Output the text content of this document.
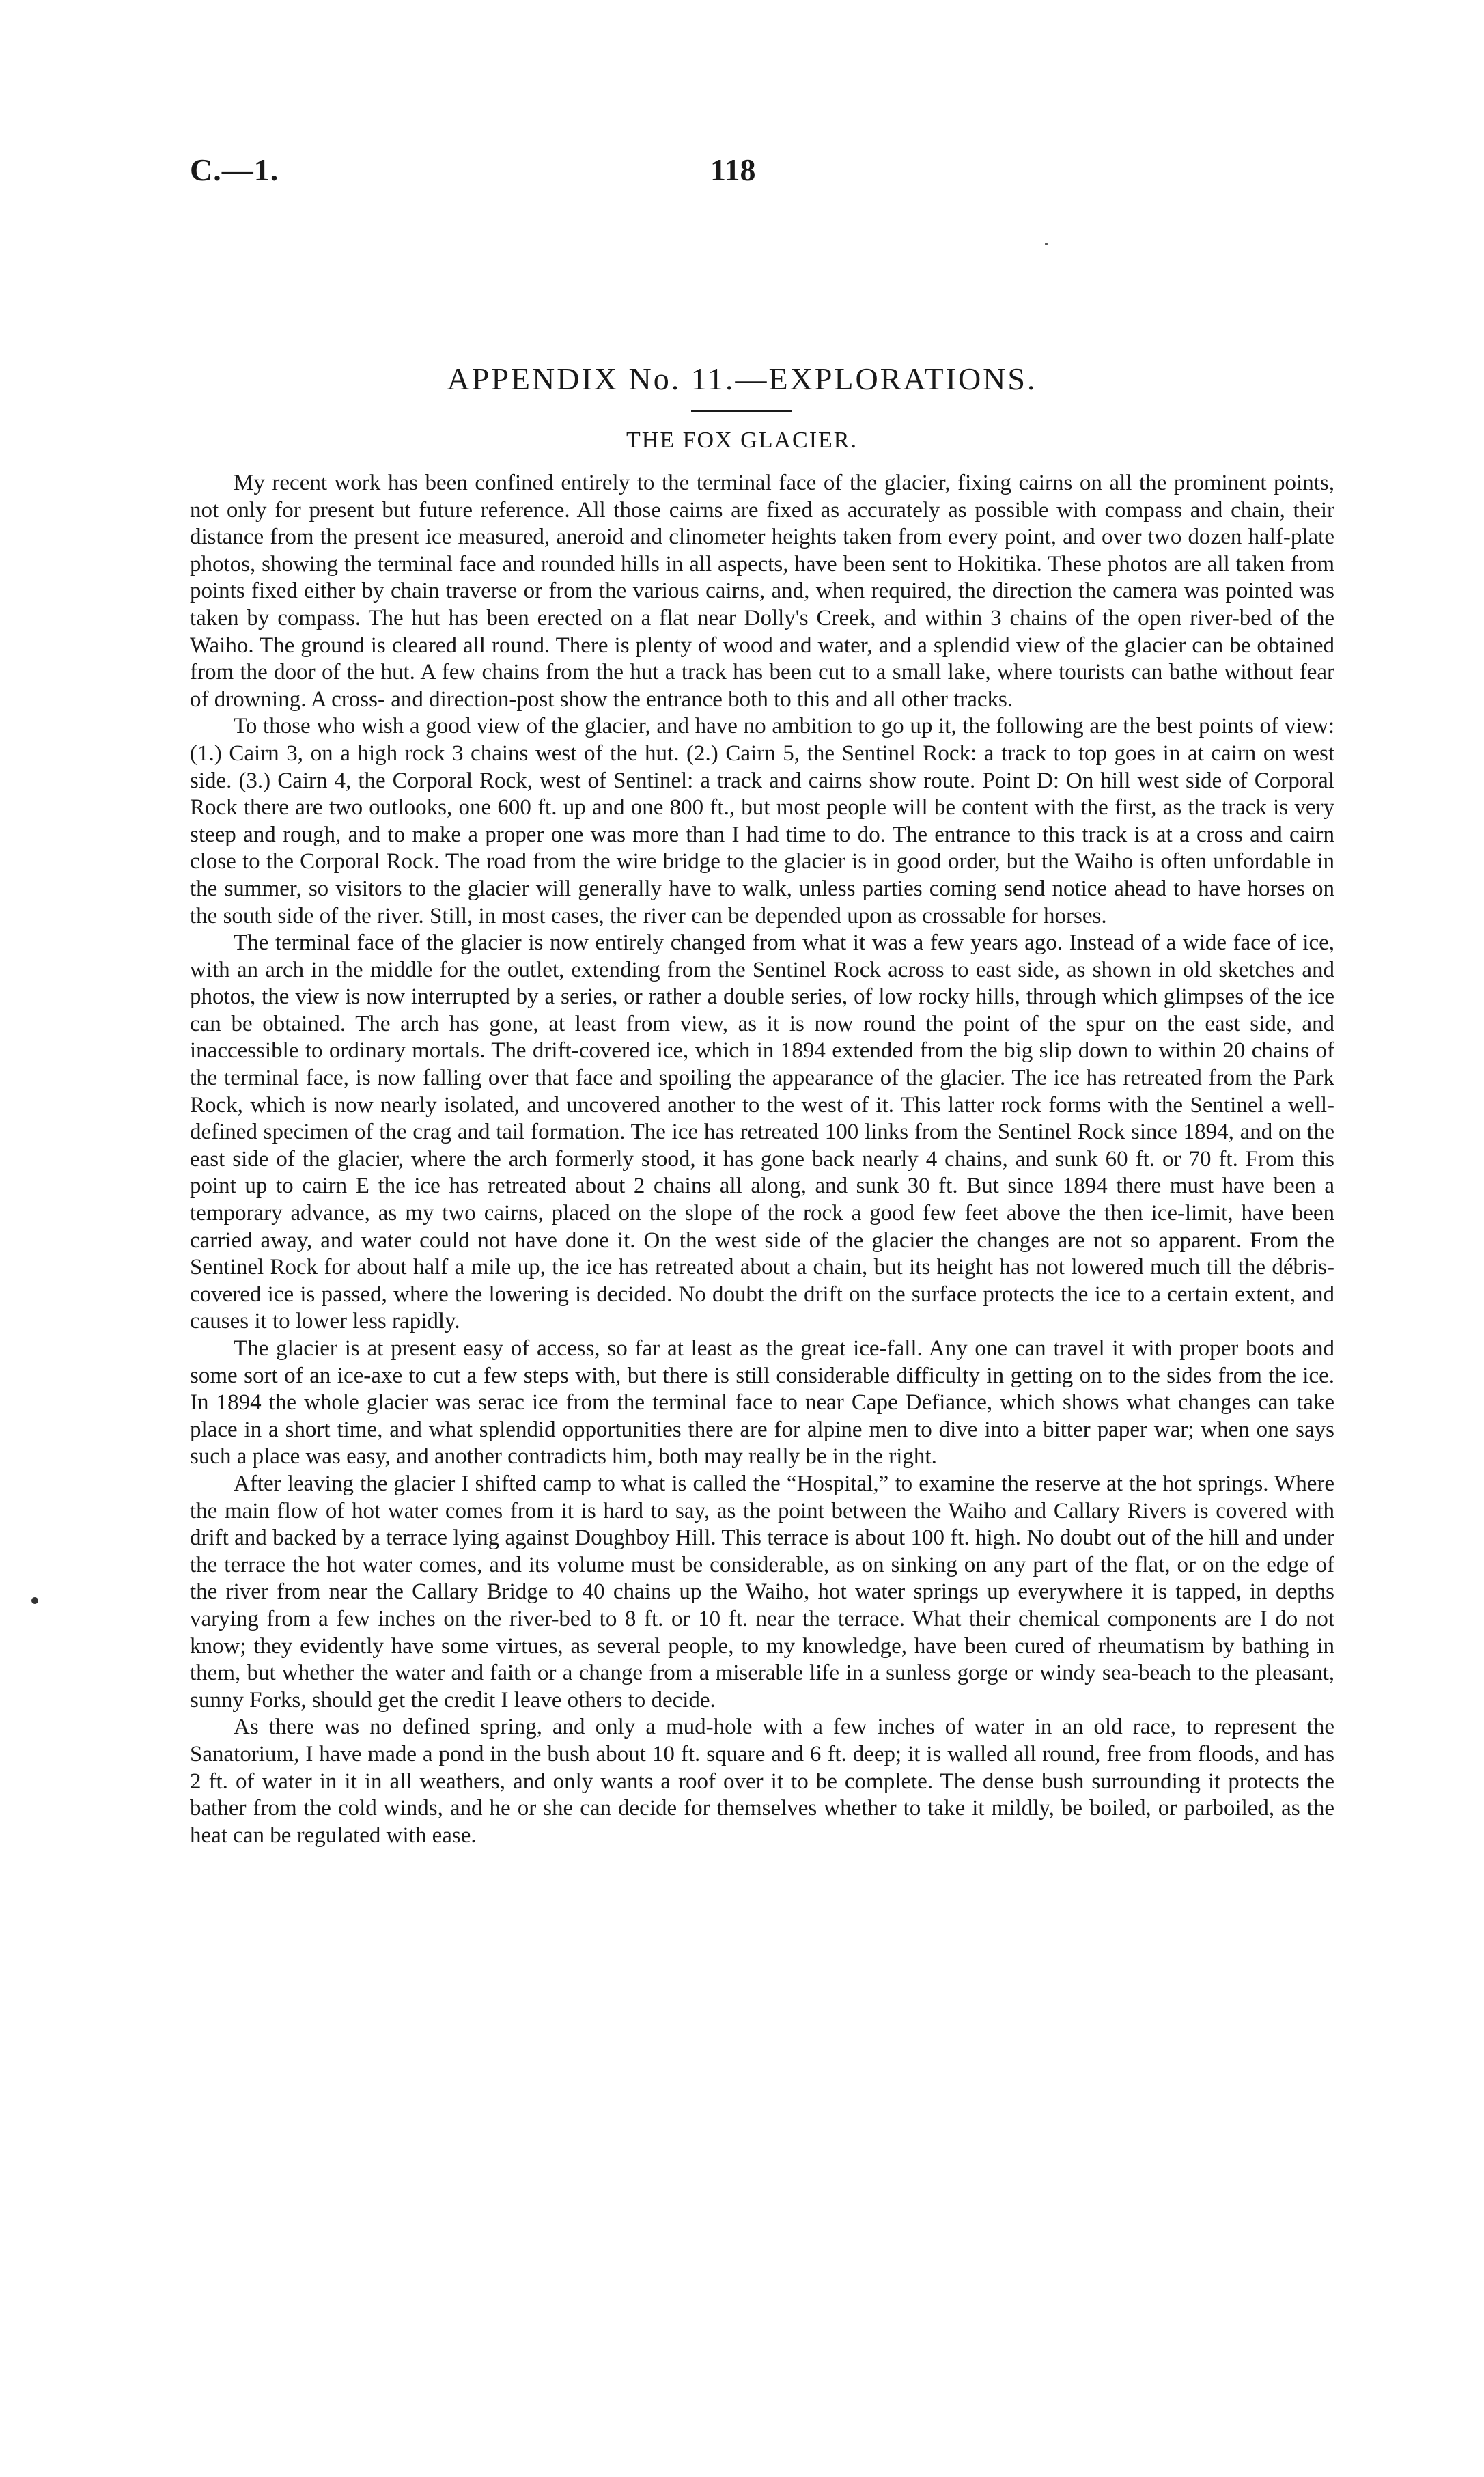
C.—1.	118
APPENDIX No. 11.—EXPLORATIONS.
THE FOX GLACIER.

My recent work has been confined entirely to the terminal face of the glacier, fixing cairns on all the prominent points, not only for present but future reference. All those cairns are fixed as accurately as possible with compass and chain, their distance from the present ice measured, aneroid and clinometer heights taken from every point, and over two dozen half-plate photos, showing the terminal face and rounded hills in all aspects, have been sent to Hokitika. These photos are all taken from points fixed either by chain traverse or from the various cairns, and, when required, the direction the camera was pointed was taken by compass. The hut has been erected on a flat near Dolly's Creek, and within 3 chains of the open river-bed of the Waiho. The ground is cleared all round. There is plenty of wood and water, and a splendid view of the glacier can be obtained from the door of the hut. A few chains from the hut a track has been cut to a small lake, where tourists can bathe without fear of drowning. A cross- and direction-post show the entrance both to this and all other tracks.

To those who wish a good view of the glacier, and have no ambition to go up it, the following are the best points of view: (1.) Cairn 3, on a high rock 3 chains west of the hut. (2.) Cairn 5, the Sentinel Rock: a track to top goes in at cairn on west side. (3.) Cairn 4, the Corporal Rock, west of Sentinel: a track and cairns show route. Point D: On hill west side of Corporal Rock there are two outlooks, one 600 ft. up and one 800 ft., but most people will be content with the first, as the track is very steep and rough, and to make a proper one was more than I had time to do. The entrance to this track is at a cross and cairn close to the Corporal Rock. The road from the wire bridge to the glacier is in good order, but the Waiho is often unfordable in the summer, so visitors to the glacier will generally have to walk, unless parties coming send notice ahead to have horses on the south side of the river. Still, in most cases, the river can be depended upon as crossable for horses.

The terminal face of the glacier is now entirely changed from what it was a few years ago. Instead of a wide face of ice, with an arch in the middle for the outlet, extending from the Sentinel Rock across to east side, as shown in old sketches and photos, the view is now interrupted by a series, or rather a double series, of low rocky hills, through which glimpses of the ice can be obtained. The arch has gone, at least from view, as it is now round the point of the spur on the east side, and inaccessible to ordinary mortals. The drift-covered ice, which in 1894 extended from the big slip down to within 20 chains of the terminal face, is now falling over that face and spoiling the appearance of the glacier. The ice has retreated from the Park Rock, which is now nearly isolated, and uncovered another to the west of it. This latter rock forms with the Sentinel a well-defined specimen of the crag and tail formation. The ice has retreated 100 links from the Sentinel Rock since 1894, and on the east side of the glacier, where the arch formerly stood, it has gone back nearly 4 chains, and sunk 60 ft. or 70 ft. From this point up to cairn E the ice has retreated about 2 chains all along, and sunk 30 ft. But since 1894 there must have been a temporary advance, as my two cairns, placed on the slope of the rock a good few feet above the then ice-limit, have been carried away, and water could not have done it. On the west side of the glacier the changes are not so apparent. From the Sentinel Rock for about half a mile up, the ice has retreated about a chain, but its height has not lowered much till the débris-covered ice is passed, where the lowering is decided. No doubt the drift on the surface protects the ice to a certain extent, and causes it to lower less rapidly.

The glacier is at present easy of access, so far at least as the great ice-fall. Any one can travel it with proper boots and some sort of an ice-axe to cut a few steps with, but there is still considerable difficulty in getting on to the sides from the ice. In 1894 the whole glacier was serac ice from the terminal face to near Cape Defiance, which shows what changes can take place in a short time, and what splendid opportunities there are for alpine men to dive into a bitter paper war; when one says such a place was easy, and another contradicts him, both may really be in the right.

After leaving the glacier I shifted camp to what is called the “Hospital,” to examine the reserve at the hot springs. Where the main flow of hot water comes from it is hard to say, as the point between the Waiho and Callary Rivers is covered with drift and backed by a terrace lying against Doughboy Hill. This terrace is about 100 ft. high. No doubt out of the hill and under the terrace the hot water comes, and its volume must be considerable, as on sinking on any part of the flat, or on the edge of the river from near the Callary Bridge to 40 chains up the Waiho, hot water springs up everywhere it is tapped, in depths varying from a few inches on the river-bed to 8 ft. or 10 ft. near the terrace. What their chemical components are I do not know; they evidently have some virtues, as several people, to my knowledge, have been cured of rheumatism by bathing in them, but whether the water and faith or a change from a miserable life in a sunless gorge or windy sea-beach to the pleasant, sunny Forks, should get the credit I leave others to decide.

As there was no defined spring, and only a mud-hole with a few inches of water in an old race, to represent the Sanatorium, I have made a pond in the bush about 10 ft. square and 6 ft. deep; it is walled all round, free from floods, and has 2 ft. of water in it in all weathers, and only wants a roof over it to be complete. The dense bush surrounding it protects the bather from the cold winds, and he or she can decide for themselves whether to take it mildly, be boiled, or parboiled, as the heat can be regulated with ease.
